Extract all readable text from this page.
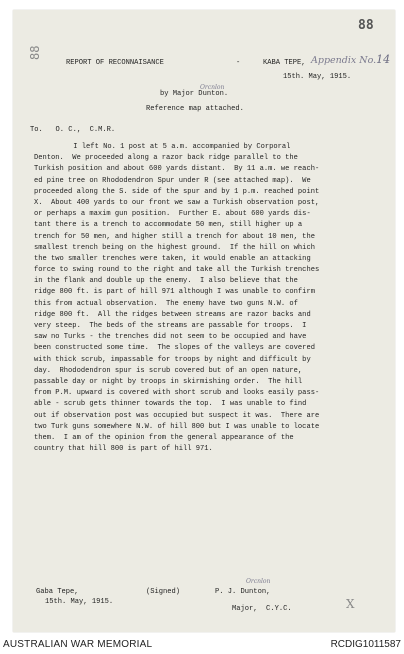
88
88
REPORT OF RECONNAISANCE	-	KABA TEPE, Appendix No.14
15th. May, 1915.
Orcnlon
by Major Dunton.
Reference map attached.
To.   O. C.,  C.M.R.
I left No. 1 post at 5 a.m. accompanied by Corporal
Denton.  We proceeded along a razor back ridge parallel to the
Turkish position and about 600 yards distant.  By 11 a.m. we reach-
ed pine tree on Rhododendron Spur under R (see attached map).  We
proceeded along the S. side of the spur and by 1 p.m. reached point
X.  About 400 yards to our front we saw a Turkish observation post,
or perhaps a maxim gun position.  Further E. about 600 yards dis-
tant there is a trench to accommodate 50 men, still higher up a
trench for 50 men, and higher still a trench for about 10 men, the
smallest trench being on the highest ground.  If the hill on which
the two smaller trenches were taken, it would enable an attacking
force to swing round to the right and take all the Turkish trenches
in the flank and double up the enemy.  I also believe that the
ridge 800 ft. is part of hill 971 although I was unable to confirm
this from actual observation.  The enemy have two guns N.W. of
ridge 800 ft.  All the ridges between streams are razor backs and
very steep.  The beds of the streams are passable for troops.  I
saw no Turks - the trenches did not seem to be occupied and have
been constructed some time.  The slopes of the valleys are covered
with thick scrub, impassable for troops by night and difficult by
day.  Rhododendron spur is scrub covered but of an open nature,
passable day or night by troops in skirmishing order.  The hill
from P.M. upward is covered with short scrub and looks easily pass-
able - scrub gets thinner towards the top.  I was unable to find
out if observation post was occupied but suspect it was.  There are
two Turk guns somewhere N.W. of hill 800 but I was unable to locate
them.  I am of the opinion from the general appearance of the
country that hill 800 is part of hill 971.
Gaba Tepe,
15th. May, 1915.
(Signed)
Orcnlon
P. J. Dunton,
Major,  C.Y.C.	X
AUSTRALIAN WAR MEMORIAL	RCDIG1011587
